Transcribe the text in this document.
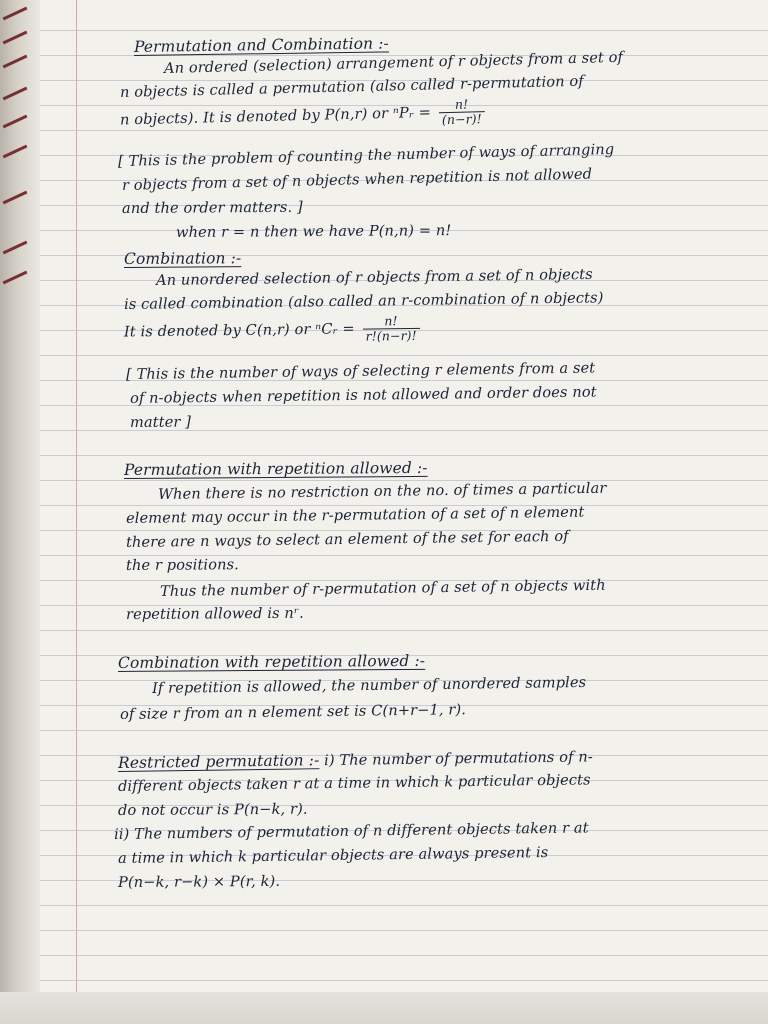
Permutation and Combination :-

An ordered (selection) arrangement of r objects from a set of

n objects is called a permutation (also called r-permutation of

n objects). It is denoted by P(n,r) or ⁿPᵣ = $\frac{n!}{(n-r)!}$

[ This is the problem of counting the number of ways of arranging

r objects from a set of n objects when repetition is not allowed

and the order matters. ]

when r = n then we have P(n,n) = n!

Combination :-

An unordered selection of r objects from a set of n objects

is called combination (also called an r-combination of n objects)

It is denoted by C(n,r) or ⁿCᵣ = $\frac{n!}{r!(n-r)!}$

[ This is the number of ways of selecting r elements from a set

of n-objects when repetition is not allowed and order does not

matter ]

Permutation with repetition allowed :-

When there is no restriction on the no. of times a particular

element may occur in the r-permutation of a set of n element

there are n ways to select an element of the set for each of

the r positions.

Thus the number of r-permutation of a set of n objects with

repetition allowed is nʳ.

Combination with repetition allowed :-

If repetition is allowed, the number of unordered samples

of size r from an n element set is C(n+r−1, r).

Restricted permutation :- i) The number of permutations of n-

different objects taken r at a time in which k particular objects

do not occur is P(n−k, r).

ii) The numbers of permutation of n different objects taken r at

a time in which k particular objects are always present is

P(n−k, r−k) × P(r, k).
